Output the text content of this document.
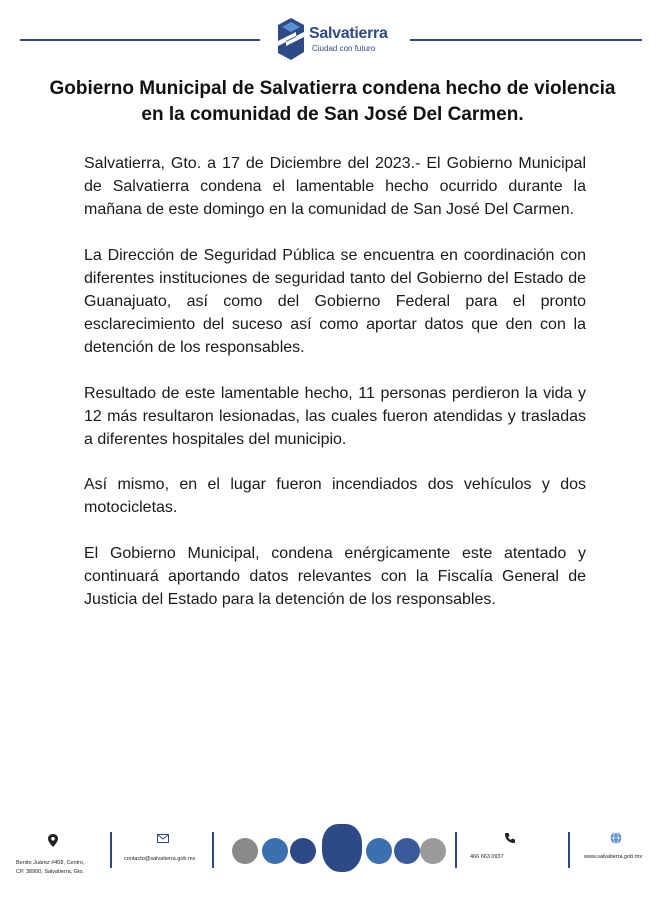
Salvatierra
Ciudad con futuro
Gobierno Municipal de Salvatierra condena hecho de violencia en la comunidad de San José Del Carmen.

Salvatierra, Gto. a 17 de Diciembre del 2023.- El Gobierno Municipal de Salvatierra condena el lamentable hecho ocurrido durante la mañana de este domingo en la comunidad de San José Del Carmen.

La Dirección de Seguridad Pública se encuentra en coordinación con diferentes instituciones de seguridad tanto del Gobierno del Estado de Guanajuato, así como del Gobierno Federal para el pronto esclarecimiento del suceso así como aportar datos que den con la detención de los responsables.

Resultado de este lamentable hecho, 11 personas perdieron la vida y 12 más resultaron lesionadas, las cuales fueron atendidas y trasladas a diferentes hospitales del municipio.

Así mismo, en el lugar fueron incendiados dos vehículos y dos motocicletas.

El Gobierno Municipal, condena enérgicamente este atentado y continuará aportando datos relevantes con la Fiscalía General de Justicia del Estado para la detención de los responsables.

Benito Juárez #408, Centro,
CP. 38900, Salvatierra, Gto.
contacto@salvatierra.gob.mx	466 663 0937	www.salvatierra.gob.mx
